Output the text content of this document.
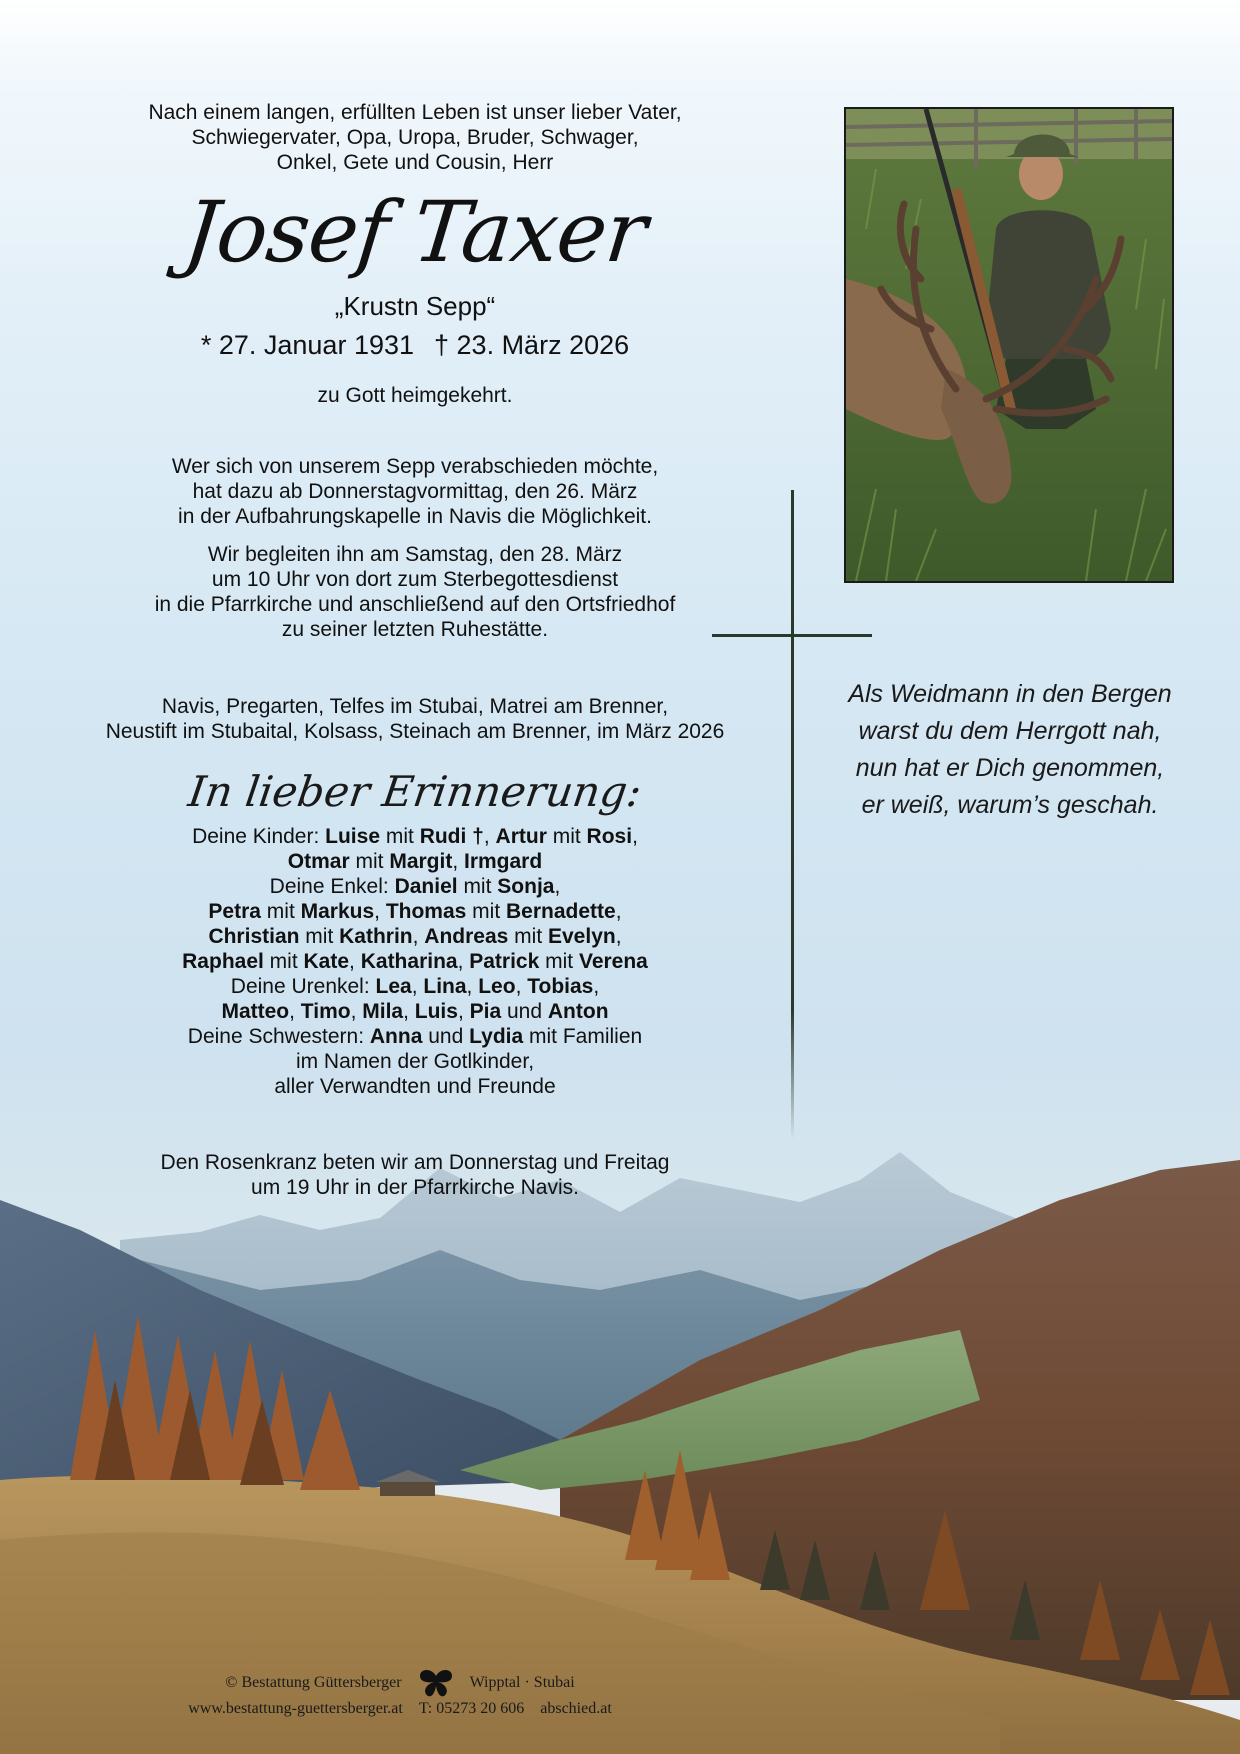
Nach einem langen, erfüllten Leben ist unser lieber Vater,
Schwiegervater, Opa, Uropa, Bruder, Schwager,
Onkel, Gete und Cousin, Herr
Josef Taxer
„Krustn Sepp“
* 27. Januar 1931 † 23. März 2026
zu Gott heimgekehrt.
Wer sich von unserem Sepp verabschieden möchte,
hat dazu ab Donnerstagvormittag, den 26. März
in der Aufbahrungskapelle in Navis die Möglichkeit.
Wir begleiten ihn am Samstag, den 28. März
um 10 Uhr von dort zum Sterbegottesdienst
in die Pfarrkirche und anschließend auf den Ortsfriedhof
zu seiner letzten Ruhestätte.
Navis, Pregarten, Telfes im Stubai, Matrei am Brenner,
Neustift im Stubaital, Kolsass, Steinach am Brenner, im März 2026
In lieber Erinnerung:
Deine Kinder: Luise mit Rudi †, Artur mit Rosi,
Otmar mit Margit, Irmgard
Deine Enkel: Daniel mit Sonja,
Petra mit Markus, Thomas mit Bernadette,
Christian mit Kathrin, Andreas mit Evelyn,
Raphael mit Kate, Katharina, Patrick mit Verena
Deine Urenkel: Lea, Lina, Leo, Tobias,
Matteo, Timo, Mila, Luis, Pia und Anton
Deine Schwestern: Anna und Lydia mit Familien
im Namen der Gotlkinder,
aller Verwandten und Freunde
Den Rosenkranz beten wir am Donnerstag und Freitag
um 19 Uhr in der Pfarrkirche Navis.
Als Weidmann in den Bergen
warst du dem Herrgott nah,
nun hat er Dich genommen,
er weiß, warum’s geschah.
© Bestattung Güttersberger	Wipptal · Stubai
www.bestattung-guettersberger.at T: 05273 20 606 abschied.at
